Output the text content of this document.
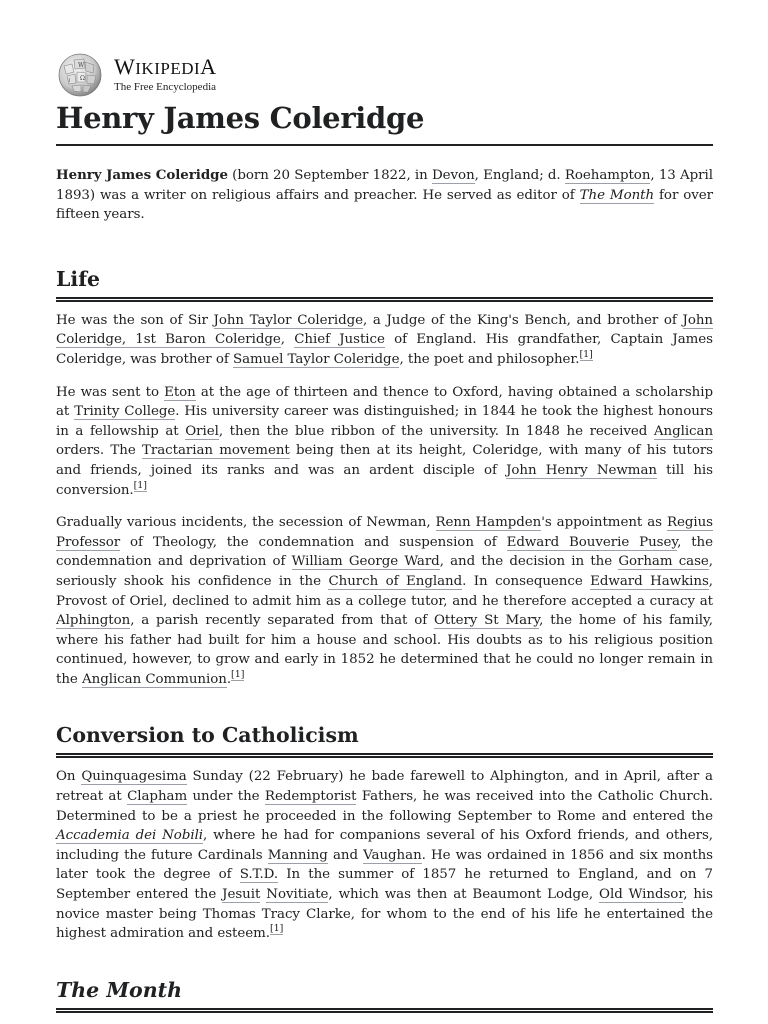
W
Ω
ا
WIKIPEDIA
The Free Encyclopedia
Henry James Coleridge

Henry James Coleridge (born 20 September 1822, in Devon, England; d. Roehampton, 13 April 1893) was a writer on religious affairs and preacher. He served as editor of The Month for over fifteen years.

Life

He was the son of Sir John Taylor Coleridge, a Judge of the King's Bench, and brother of John Coleridge, 1st Baron Coleridge, Chief Justice of England. His grandfather, Captain James Coleridge, was brother of Samuel Taylor Coleridge, the poet and philosopher.[1]

He was sent to Eton at the age of thirteen and thence to Oxford, having obtained a scholarship at Trinity College. His university career was distinguished; in 1844 he took the highest honours in a fellowship at Oriel, then the blue ribbon of the university. In 1848 he received Anglican orders. The Tractarian movement being then at its height, Coleridge, with many of his tutors and friends, joined its ranks and was an ardent disciple of John Henry Newman till his conversion.[1]

Gradually various incidents, the secession of Newman, Renn Hampden's appointment as Regius Professor of Theology, the condemnation and suspension of Edward Bouverie Pusey, the condemnation and deprivation of William George Ward, and the decision in the Gorham case, seriously shook his confidence in the Church of England. In consequence Edward Hawkins, Provost of Oriel, declined to admit him as a college tutor, and he therefore accepted a curacy at Alphington, a parish recently separated from that of Ottery St Mary, the home of his family, where his father had built for him a house and school. His doubts as to his religious position continued, however, to grow and early in 1852 he determined that he could no longer remain in the Anglican Communion.[1]

Conversion to Catholicism

On Quinquagesima Sunday (22 February) he bade farewell to Alphington, and in April, after a retreat at Clapham under the Redemptorist Fathers, he was received into the Catholic Church. Determined to be a priest he proceeded in the following September to Rome and entered the Accademia dei Nobili, where he had for companions several of his Oxford friends, and others, including the future Cardinals Manning and Vaughan. He was ordained in 1856 and six months later took the degree of S.T.D. In the summer of 1857 he returned to England, and on 7 September entered the Jesuit Novitiate, which was then at Beaumont Lodge, Old Windsor, his novice master being Thomas Tracy Clarke, for whom to the end of his life he entertained the highest admiration and esteem.[1]

The Month
